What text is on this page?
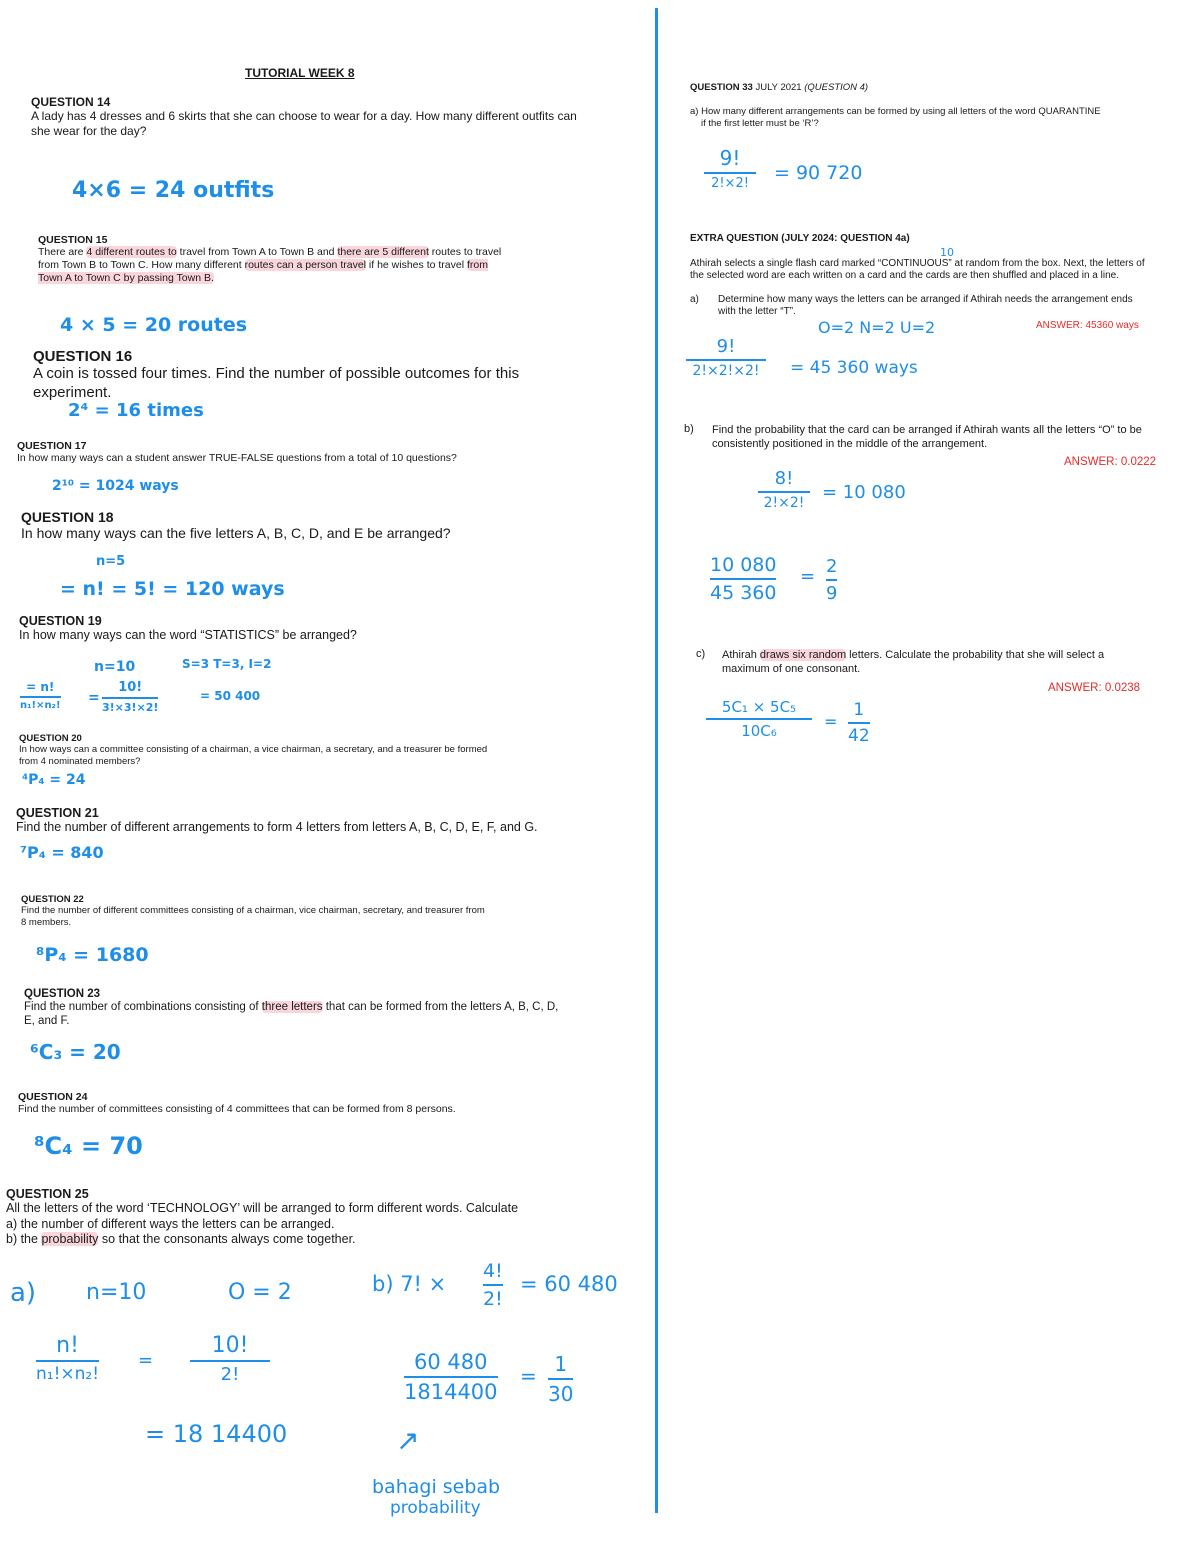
TUTORIAL WEEK 8

QUESTION 14

A lady has 4 dresses and 6 skirts that she can choose to wear for a day. How many different outfits can she wear for the day?

4×6 = 24 outfits

QUESTION 15

There are 4 different routes to travel from Town A to Town B and there are 5 different routes to travel from Town B to Town C. How many different routes can a person travel if he wishes to travel from Town A to Town C by passing Town B.

4 × 5 = 20 routes

QUESTION 16

A coin is tossed four times. Find the number of possible outcomes for this experiment.

2⁴ = 16 times

QUESTION 17

In how many ways can a student answer TRUE-FALSE questions from a total of 10 questions?

2¹⁰ = 1024 ways

QUESTION 18

In how many ways can the five letters A, B, C, D, and E be arranged?

n=5
= n! = 5! = 120 ways

QUESTION 19

In how many ways can the word “STATISTICS” be arranged?

n=10	S=3 T=3, I=2
= n!
n₁!×n₂! =
10!
3!×3!×2!
= 50 400

QUESTION 20

In how ways can a committee consisting of a chairman, a vice chairman, a secretary, and a treasurer be formed from 4 nominated members?

⁴P₄ = 24

QUESTION 21

Find the number of different arrangements to form 4 letters from letters A, B, C, D, E, F, and G.

⁷P₄ = 840

QUESTION 22

Find the number of different committees consisting of a chairman, vice chairman, secretary, and treasurer from 8 members.

⁸P₄ = 1680

QUESTION 23

Find the number of combinations consisting of three letters that can be formed from the letters A, B, C, D, E, and F.

⁶C₃ = 20

QUESTION 24

Find the number of committees consisting of 4 committees that can be formed from 8 persons.

⁸C₄ = 70

QUESTION 25

All the letters of the word ‘TECHNOLOGY’ will be arranged to form different words. Calculate

a) the number of different ways the letters can be arranged.

b) the probability so that the consonants always come together.

a) n=10	O = 2
n!
n₁!×n₂!
=
10!
2!
= 18 14400
b) 7! ×
4!
2!
= 60 480
60 480
1814400
= 1
30
↗
bahagi sebab
probability

QUESTION 33 JULY 2021 (QUESTION 4)

a) How many different arrangements can be formed by using all letters of the word QUARANTINE

if the first letter must be ‘R’?

9!
2!×2! = 90 720
EXTRA QUESTION (JULY 2024: QUESTION 4a)
10
Athirah selects a single flash card marked “CONTINUOUS” at random from the box. Next, the letters of the selected word are each written on a card and the cards are then shuffled and placed in a line.
a) Determine how many ways the letters can be arranged if Athirah needs the arrangement ends with the letter “T”.
ANSWER: 45360 ways
O=2 N=2 U=2
9!
2!×2!×2! = 45 360 ways
b) Find the probability that the card can be arranged if Athirah wants all the letters “O” to be consistently positioned in the middle of the arrangement.
ANSWER: 0.0222
8!
2!×2! = 10 080
10 080
45 360
= 2
9
c) Athirah draws six random letters. Calculate the probability that she will select a maximum of one consonant.
ANSWER: 0.0238
5C₁ × 5C₅
10C₆	=
1
42
